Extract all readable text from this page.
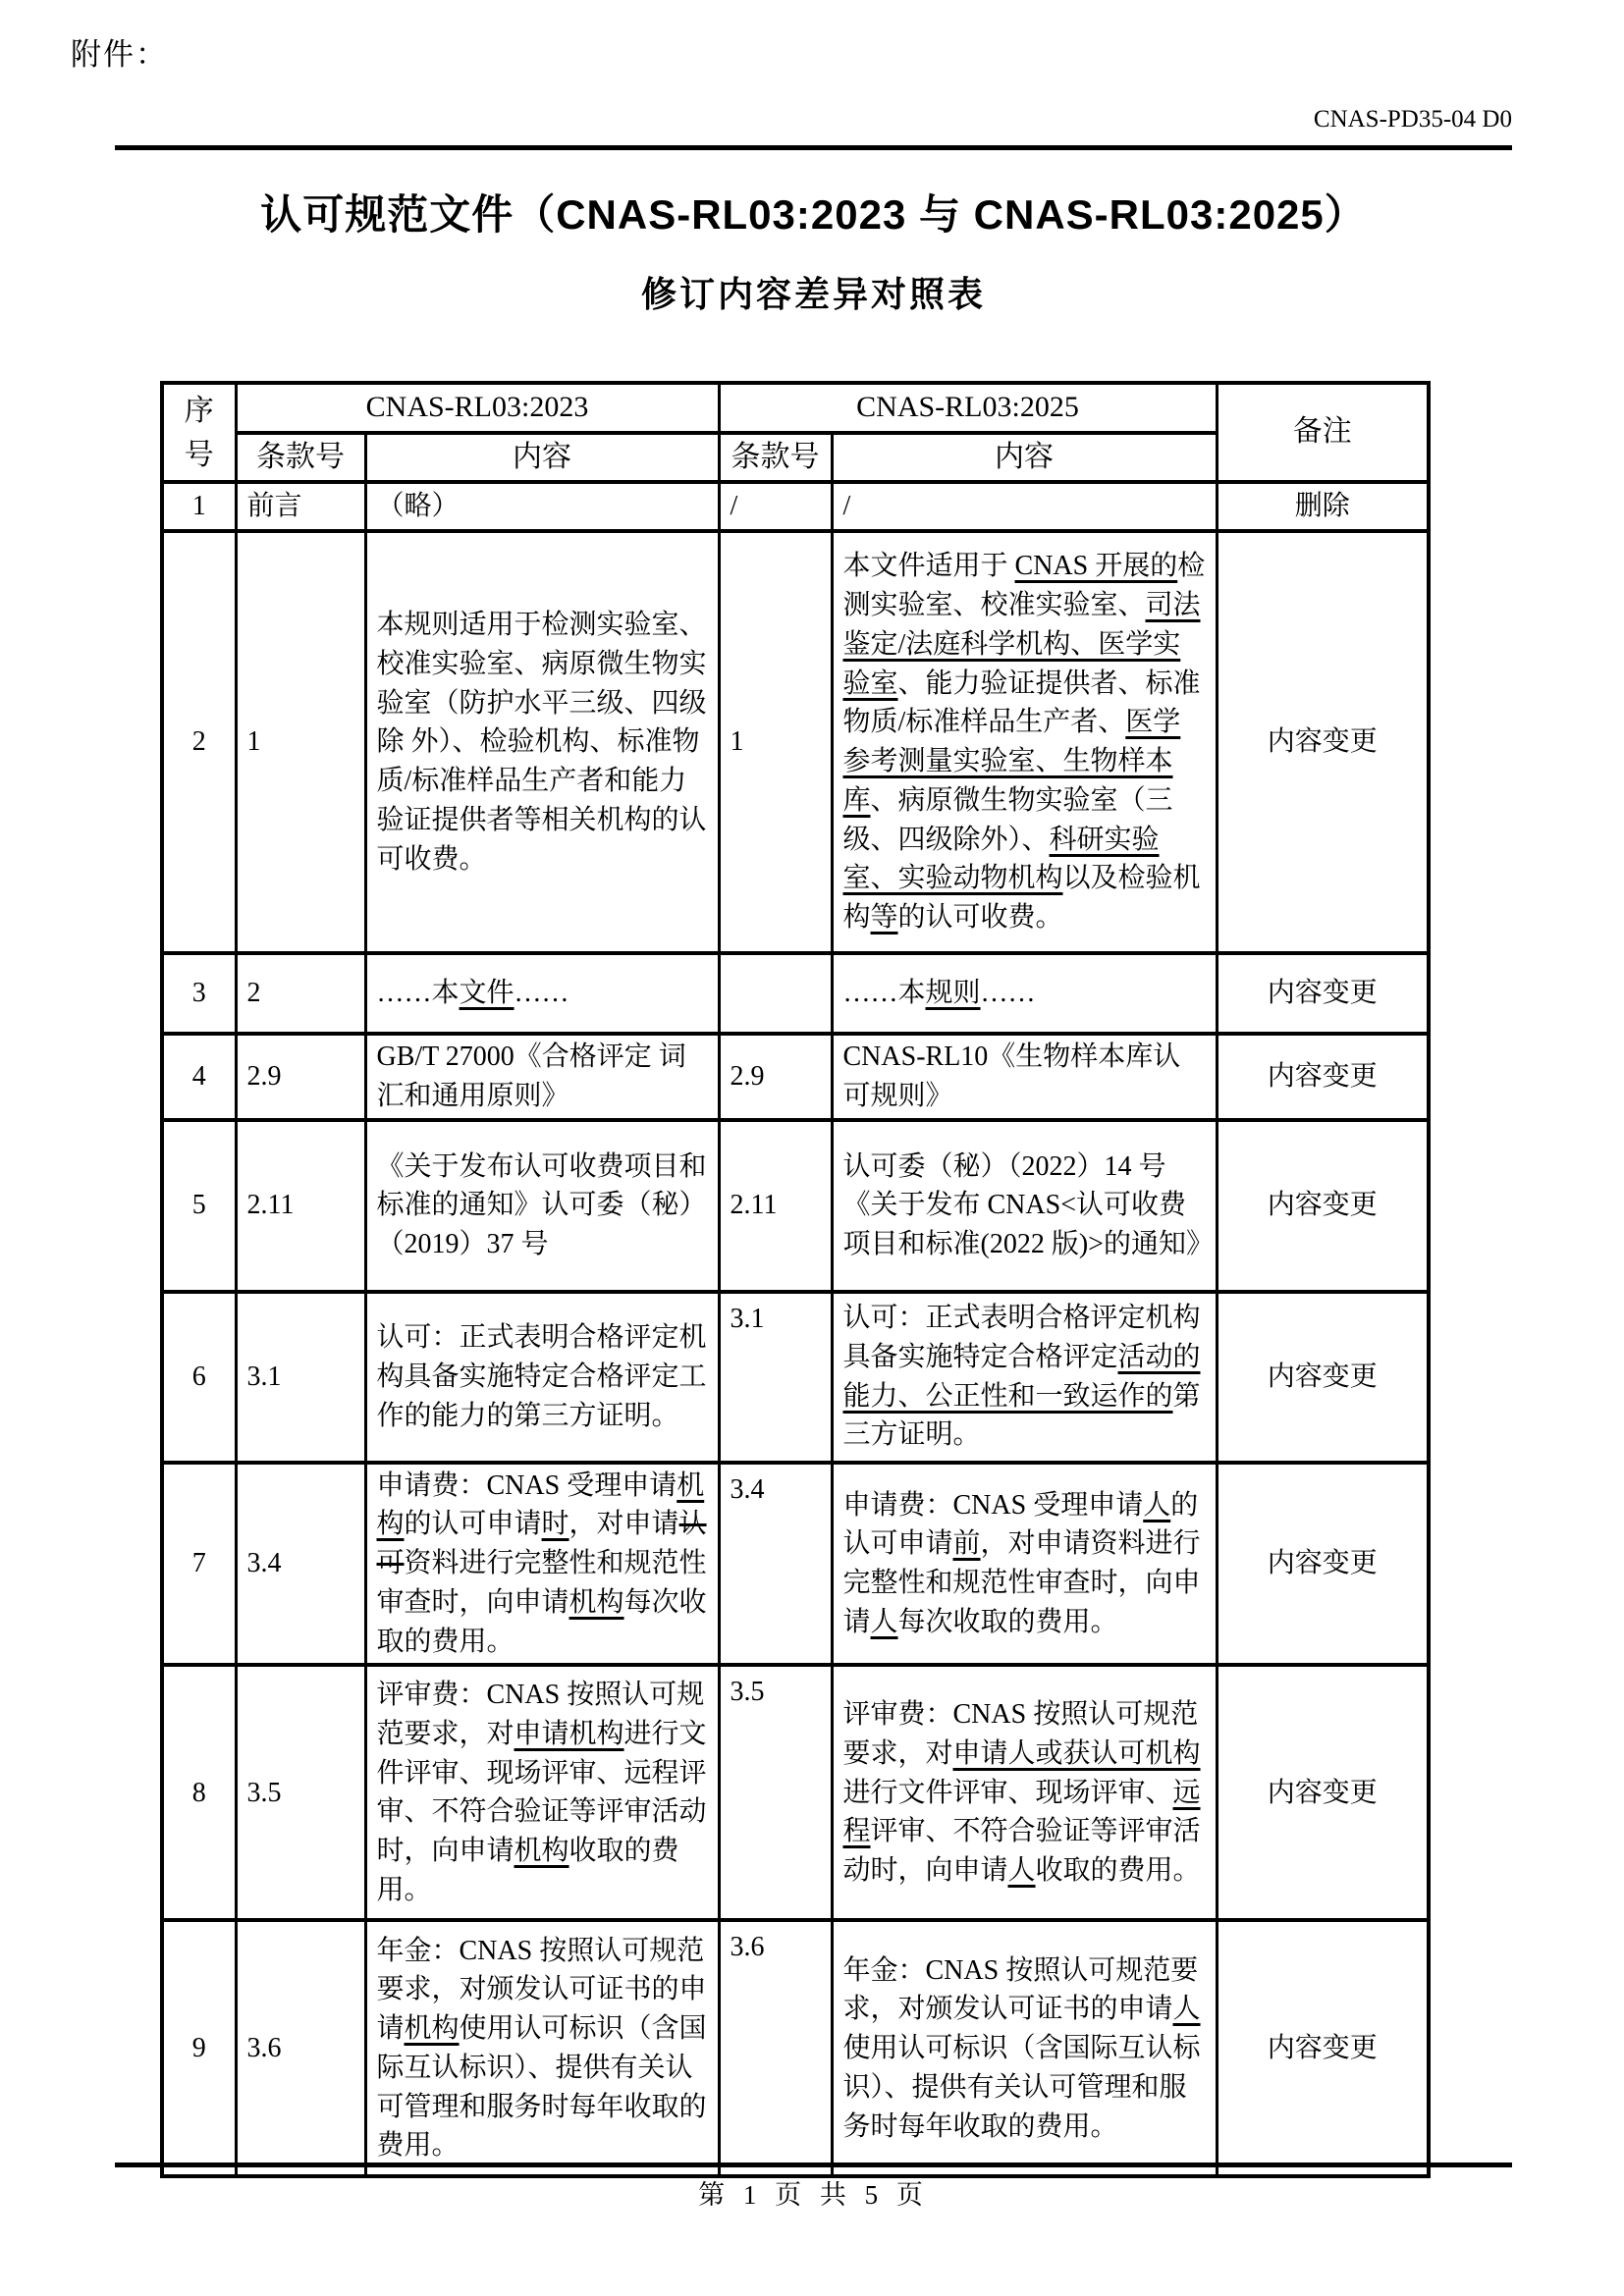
附件：
CNAS-PD35-04 D0
认可规范文件（CNAS-RL03:2023 与 CNAS-RL03:2025）
修订内容差异对照表
序号	CNAS-RL03:2023		CNAS-RL03:2025		备注
	条款号	内容	条款号	内容	
1	前言	（略）	/	/	删除
2	1	本规则适用于检测实验室、校准实验室、病原微生物实验室（防护水平三级、四级除 外）、检验机构、标准物质/标准样品生产者和能力验证提供者等相关机构的认可收费。	1	本文件适用于 CNAS 开展的检测实验室、校准实验室、司法鉴定/法庭科学机构、医学实验室、能力验证提供者、标准物质/标准样品生产者、医学参考测量实验室、生物样本库、病原微生物实验室（三级、四级除外）、科研实验室、实验动物机构以及检验机构等的认可收费。	内容变更
3	2	……本文件……		……本规则……	内容变更
4	2.9	GB/T 27000《合格评定 词汇和通用原则》	2.9	CNAS-RL10《生物样本库认可规则》	内容变更
5	2.11	《关于发布认可收费项目和标准的通知》认可委（秘）（2019）37 号	2.11	认可委（秘）（2022）14 号《关于发布 CNAS<认可收费项目和标准(2022 版)>的通知》	内容变更
6	3.1	认可：正式表明合格评定机构具备实施特定合格评定工作的能力的第三方证明。	3.1	认可：正式表明合格评定机构具备实施特定合格评定活动的能力、公正性和一致运作的第三方证明。	内容变更
7	3.4	申请费：CNAS 受理申请机构的认可申请时，对申请认可资料进行完整性和规范性审查时，向申请机构每次收取的费用。	3.4	申请费：CNAS 受理申请人的认可申请前，对申请资料进行完整性和规范性审查时，向申请人每次收取的费用。	内容变更
8	3.5	评审费：CNAS 按照认可规范要求，对申请机构进行文件评审、现场评审、远程评审、不符合验证等评审活动时，向申请机构收取的费用。	3.5	评审费：CNAS 按照认可规范要求，对申请人或获认可机构进行文件评审、现场评审、远程评审、不符合验证等评审活动时，向申请人收取的费用。	内容变更
9	3.6	年金：CNAS 按照认可规范要求，对颁发认可证书的申请机构使用认可标识（含国际互认标识）、提供有关认可管理和服务时每年收取的费用。	3.6	年金：CNAS 按照认可规范要求，对颁发认可证书的申请人使用认可标识（含国际互认标识）、提供有关认可管理和服务时每年收取的费用。	内容变更
第 1 页 共 5 页
